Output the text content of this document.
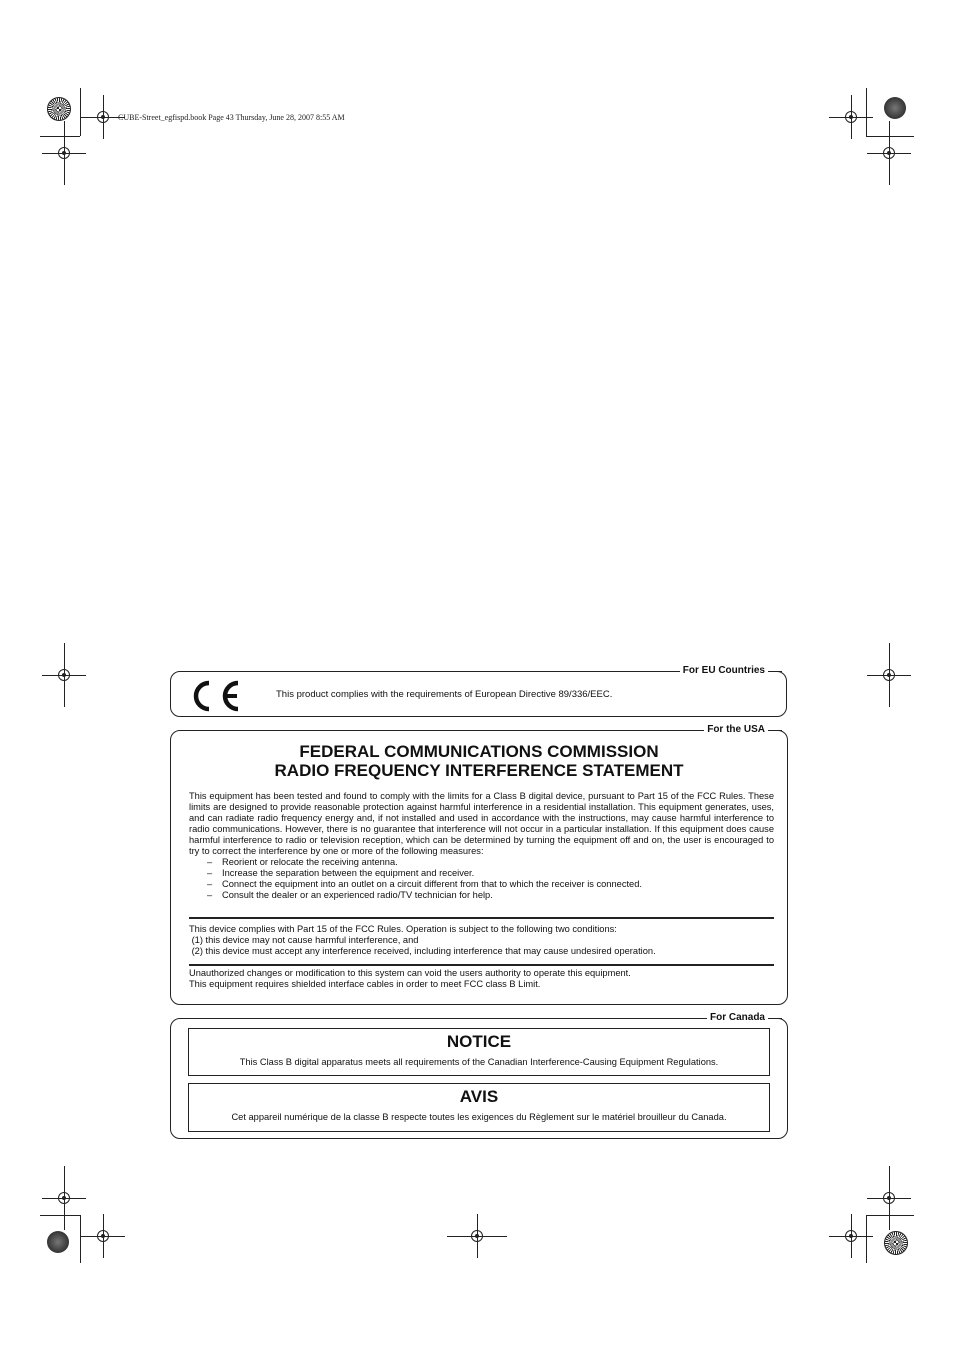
CUBE-Street_egfispd.book Page 43 Thursday, June 28, 2007 8:55 AM
For EU Countries
This product complies with the requirements of European Directive 89/336/EEC.
For the USA
FEDERAL COMMUNICATIONS COMMISSION
RADIO FREQUENCY INTERFERENCE STATEMENT

This equipment has been tested and found to comply with the limits for a Class B digital device, pursuant to Part 15 of the FCC Rules. These limits are designed to provide reasonable protection against harmful interference in a residential installation. This equipment generates, uses, and can radiate radio frequency energy and, if not installed and used in accordance with the instructions, may cause harmful interference to radio communications. However, there is no guarantee that interference will not occur in a particular installation. If this equipment does cause harmful interference to radio or television reception, which can be determined by turning the equipment off and on, the user is encouraged to try to correct the interference by one or more of the following measures:

– Reorient or relocate the receiving antenna.
– Increase the separation between the equipment and receiver.
– Connect the equipment into an outlet on a circuit different from that to which the receiver is connected.
– Consult the dealer or an experienced radio/TV technician for help.

This device complies with Part 15 of the FCC Rules. Operation is subject to the following two conditions:

(1) this device may not cause harmful interference, and

(2) this device must accept any interference received, including interference that may cause undesired operation.

Unauthorized changes or modification to this system can void the users authority to operate this equipment.

This equipment requires shielded interface cables in order to meet FCC class B Limit.

For Canada
NOTICE
This Class B digital apparatus meets all requirements of the Canadian Interference-Causing Equipment Regulations.
AVIS
Cet appareil numérique de la classe B respecte toutes les exigences du Règlement sur le matériel brouilleur du Canada.
